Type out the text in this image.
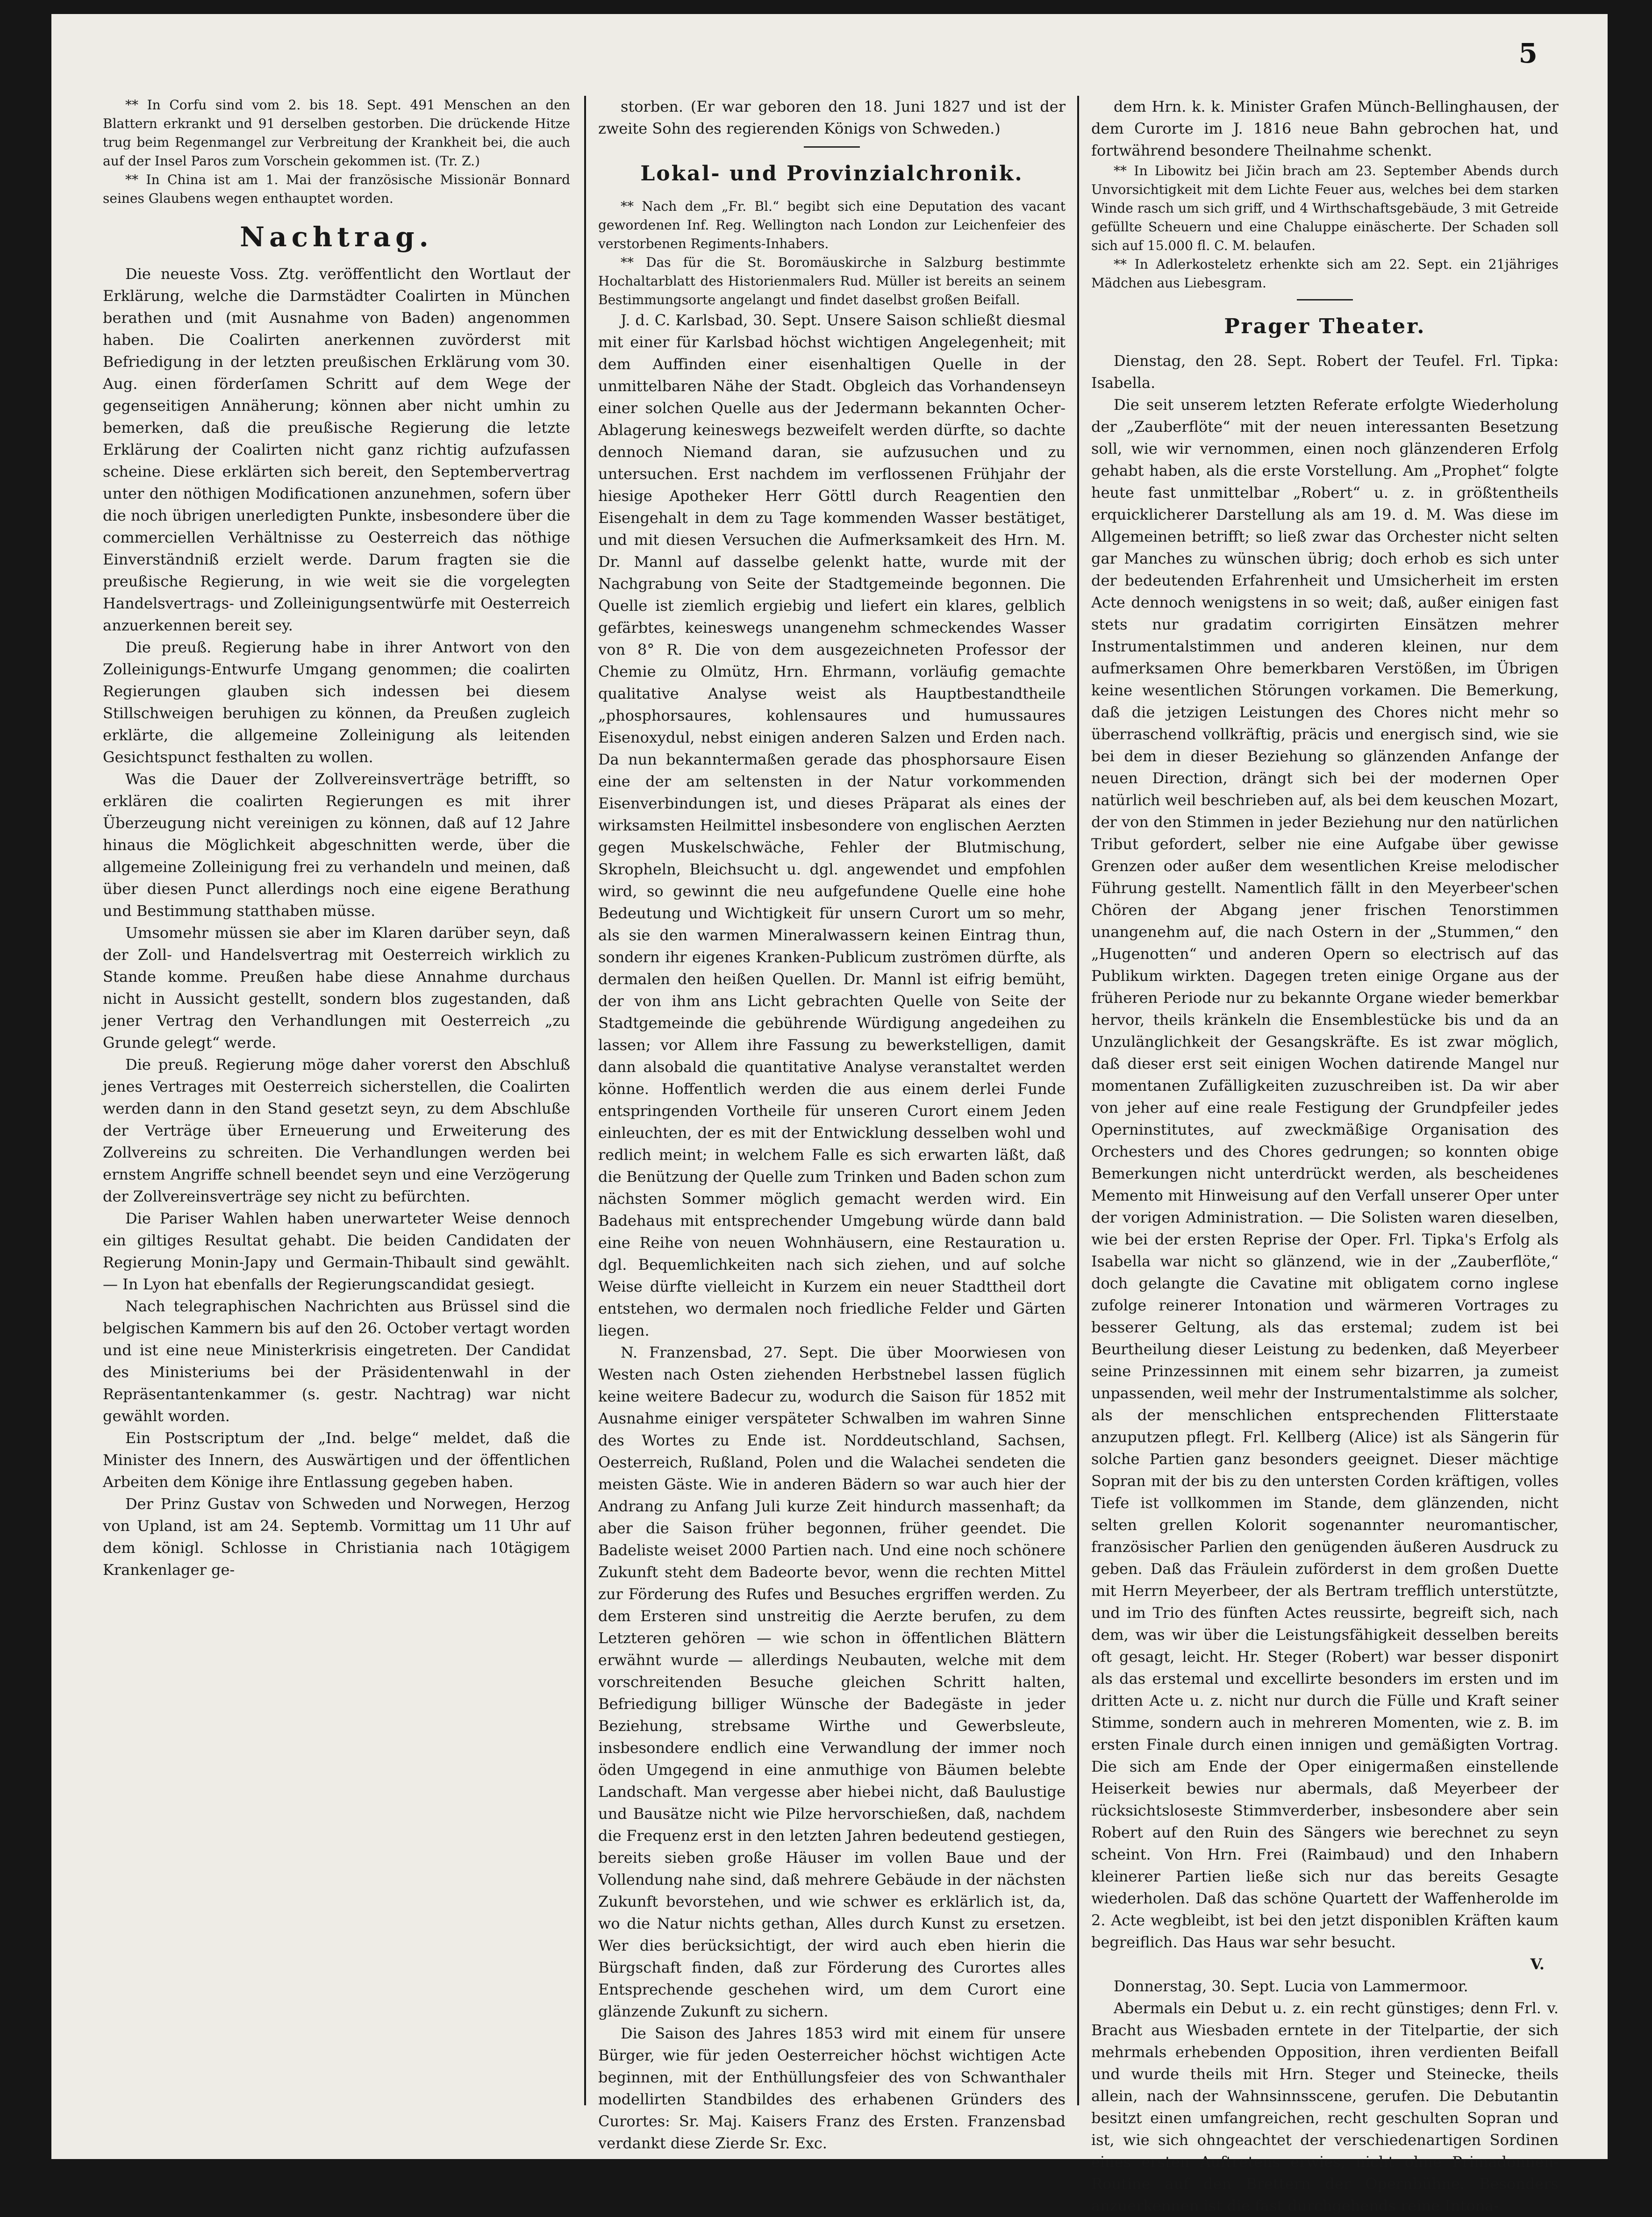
5

** In Corfu sind vom 2. bis 18. Sept. 491 Menschen an den Blattern erkrankt und 91 derselben gestorben. Die drückende Hitze trug beim Regenmangel zur Verbreitung der Krankheit bei, die auch auf der Insel Paros zum Vorschein gekommen ist. (Tr. Z.)

** In China ist am 1. Mai der französische Missionär Bonnard seines Glaubens wegen enthauptet worden.

Nachtrag.

Die neueste Voss. Ztg. veröffentlicht den Wortlaut der Erklärung, welche die Darmstädter Coalirten in München berathen und (mit Ausnahme von Baden) angenommen haben. Die Coalirten anerkennen zuvörderst mit Befriedigung in der letzten preußischen Erklärung vom 30. Aug. einen förderſamen Schritt auf dem Wege der gegenseitigen Annäherung; können aber nicht umhin zu bemerken, daß die preußische Regierung die letzte Erklärung der Coalirten nicht ganz richtig aufzufassen scheine. Diese erklärten sich bereit, den Septembervertrag unter den nöthigen Modificationen anzunehmen, sofern über die noch übrigen unerledigten Punkte, insbesondere über die commerciellen Verhältnisse zu Oesterreich das nöthige Einverständniß erzielt werde. Darum fragten sie die preußische Regierung, in wie weit sie die vorgelegten Handelsvertrags- und Zolleinigungsentwürfe mit Oesterreich anzuerkennen bereit sey.

Die preuß. Regierung habe in ihrer Antwort von den Zolleinigungs-Entwurfe Umgang genommen; die coalirten Regierungen glauben sich indessen bei diesem Stillschweigen beruhigen zu können, da Preußen zugleich erklärte, die allgemeine Zolleinigung als leitenden Gesichtspunct festhalten zu wollen.

Was die Dauer der Zollvereinsverträge betrifft, so erklären die coalirten Regierungen es mit ihrer Überzeugung nicht vereinigen zu können, daß auf 12 Jahre hinaus die Möglichkeit abgeschnitten werde, über die allgemeine Zolleinigung frei zu verhandeln und meinen, daß über diesen Punct allerdings noch eine eigene Berathung und Bestimmung statthaben müsse.

Umsomehr müssen sie aber im Klaren darüber seyn, daß der Zoll- und Handelsvertrag mit Oesterreich wirklich zu Stande komme. Preußen habe diese Annahme durchaus nicht in Aussicht gestellt, sondern blos zugestanden, daß jener Vertrag den Verhandlungen mit Oesterreich „zu Grunde gelegt“ werde.

Die preuß. Regierung möge daher vorerst den Abschluß jenes Vertrages mit Oesterreich sicherstellen, die Coalirten werden dann in den Stand gesetzt seyn, zu dem Abschluße der Verträge über Erneuerung und Erweiterung des Zollvereins zu schreiten. Die Verhandlungen werden bei ernstem Angriffe schnell beendet seyn und eine Verzögerung der Zollvereinsverträge sey nicht zu befürchten.

Die Pariser Wahlen haben unerwarteter Weise dennoch ein giltiges Resultat gehabt. Die beiden Candidaten der Regierung Monin-Japy und Germain-Thibault sind gewählt. — In Lyon hat ebenfalls der Regierungscandidat gesiegt.

Nach telegraphischen Nachrichten aus Brüssel sind die belgischen Kammern bis auf den 26. October vertagt worden und ist eine neue Ministerkrisis eingetreten. Der Candidat des Ministeriums bei der Präsidentenwahl in der Repräsentantenkammer (s. gestr. Nachtrag) war nicht gewählt worden.

Ein Postscriptum der „Ind. belge“ meldet, daß die Minister des Innern, des Auswärtigen und der öffentlichen Arbeiten dem Könige ihre Entlassung gegeben haben.

Der Prinz Gustav von Schweden und Norwegen, Herzog von Upland, ist am 24. Septemb. Vormittag um 11 Uhr auf dem königl. Schlosse in Christiania nach 10tägigem Krankenlager ge-

storben. (Er war geboren den 18. Juni 1827 und ist der zweite Sohn des regierenden Königs von Schweden.)

Lokal- und Provinzialchronik.

** Nach dem „Fr. Bl.“ begibt sich eine Deputation des vacant gewordenen Inf. Reg. Wellington nach London zur Leichenfeier des verstorbenen Regiments-Inhabers.

** Das für die St. Boromäuskirche in Salzburg bestimmte Hochaltarblatt des Historienmalers Rud. Müller ist bereits an seinem Bestimmungsorte angelangt und findet daselbst großen Beifall.

J. d. C. Karlsbad, 30. Sept. Unsere Saison schließt diesmal mit einer für Karlsbad höchst wichtigen Angelegenheit; mit dem Auffinden einer eisenhaltigen Quelle in der unmittelbaren Nähe der Stadt. Obgleich das Vorhandenseyn einer solchen Quelle aus der Jedermann bekannten Ocher-Ablagerung keineswegs bezweifelt werden dürfte, so dachte dennoch Niemand daran, sie aufzusuchen und zu untersuchen. Erst nachdem im verflossenen Frühjahr der hiesige Apotheker Herr Göttl durch Reagentien den Eisengehalt in dem zu Tage kommenden Wasser bestätiget, und mit diesen Versuchen die Aufmerksamkeit des Hrn. M. Dr. Mannl auf dasselbe gelenkt hatte, wurde mit der Nachgrabung von Seite der Stadtgemeinde begonnen. Die Quelle ist ziemlich ergiebig und liefert ein klares, gelblich gefärbtes, keineswegs unangenehm schmeckendes Wasser von 8° R. Die von dem ausgezeichneten Professor der Chemie zu Olmütz, Hrn. Ehrmann, vorläufig gemachte qualitative Analyse weist als Hauptbestandtheile „phosphorsaures, kohlensaures und humussaures Eisenoxydul, nebst einigen anderen Salzen und Erden nach. Da nun bekanntermaßen gerade das phosphorsaure Eisen eine der am seltensten in der Natur vorkommenden Eisenverbindungen ist, und dieses Präparat als eines der wirksamsten Heilmittel insbesondere von englischen Aerzten gegen Muskelschwäche, Fehler der Blutmischung, Skropheln, Bleichsucht u. dgl. angewendet und empfohlen wird, so gewinnt die neu aufgefundene Quelle eine hohe Bedeutung und Wichtigkeit für unsern Curort um so mehr, als sie den warmen Mineralwassern keinen Eintrag thun, sondern ihr eigenes Kranken-Publicum zuströmen dürfte, als dermalen den heißen Quellen. Dr. Mannl ist eifrig bemüht, der von ihm ans Licht gebrachten Quelle von Seite der Stadtgemeinde die gebührende Würdigung angedeihen zu lassen; vor Allem ihre Fassung zu bewerkstelligen, damit dann alsobald die quantitative Analyse veranstaltet werden könne. Hoffentlich werden die aus einem derlei Funde entspringenden Vortheile für unseren Curort einem Jeden einleuchten, der es mit der Entwicklung desselben wohl und redlich meint; in welchem Falle es sich erwarten läßt, daß die Benützung der Quelle zum Trinken und Baden schon zum nächsten Sommer möglich gemacht werden wird. Ein Badehaus mit entsprechender Umgebung würde dann bald eine Reihe von neuen Wohnhäusern, eine Restauration u. dgl. Bequemlichkeiten nach sich ziehen, und auf solche Weise dürfte vielleicht in Kurzem ein neuer Stadttheil dort entstehen, wo dermalen noch friedliche Felder und Gärten liegen.

N. Franzensbad, 27. Sept. Die über Moorwiesen von Westen nach Osten ziehenden Herbstnebel lassen füglich keine weitere Badecur zu, wodurch die Saison für 1852 mit Ausnahme einiger verspäteter Schwalben im wahren Sinne des Wortes zu Ende ist. Norddeutschland, Sachsen, Oesterreich, Rußland, Polen und die Walachei sendeten die meisten Gäste. Wie in anderen Bädern so war auch hier der Andrang zu Anfang Juli kurze Zeit hindurch massenhaft; da aber die Saison früher begonnen, früher geendet. Die Badeliste weiset 2000 Partien nach. Und eine noch schönere Zukunft steht dem Badeorte bevor, wenn die rechten Mittel zur Förderung des Rufes und Besuches ergriffen werden. Zu dem Ersteren sind unstreitig die Aerzte berufen, zu dem Letzteren gehören — wie schon in öffentlichen Blättern erwähnt wurde — allerdings Neubauten, welche mit dem vorschreitenden Besuche gleichen Schritt halten, Befriedigung billiger Wünsche der Badegäste in jeder Beziehung, strebsame Wirthe und Gewerbsleute, insbesondere endlich eine Verwandlung der immer noch öden Umgegend in eine anmuthige von Bäumen belebte Landschaft. Man vergesse aber hiebei nicht, daß Baulustige und Bausätze nicht wie Pilze hervorschießen, daß, nachdem die Frequenz erst in den letzten Jahren bedeutend gestiegen, bereits sieben große Häuser im vollen Baue und der Vollendung nahe sind, daß mehrere Gebäude in der nächsten Zukunft bevorstehen, und wie schwer es erklärlich ist, da, wo die Natur nichts gethan, Alles durch Kunst zu ersetzen. Wer dies berücksichtigt, der wird auch eben hierin die Bürgschaft finden, daß zur Förderung des Curortes alles Entsprechende geschehen wird, um dem Curort eine glänzende Zukunft zu sichern.

Die Saison des Jahres 1853 wird mit einem für unsere Bürger, wie für jeden Oesterreicher höchst wichtigen Acte beginnen, mit der Enthüllungsfeier des von Schwanthaler modellirten Standbildes des erhabenen Gründers des Curortes: Sr. Maj. Kaisers Franz des Ersten. Franzensbad verdankt diese Zierde Sr. Exc.

dem Hrn. k. k. Minister Grafen Münch-Bellinghausen, der dem Curorte im J. 1816 neue Bahn gebrochen hat, und fortwährend besondere Theilnahme schenkt.

** In Libowitz bei Jičin brach am 23. September Abends durch Unvorsichtigkeit mit dem Lichte Feuer aus, welches bei dem starken Winde rasch um sich griff, und 4 Wirthschaftsgebäude, 3 mit Getreide gefüllte Scheuern und eine Chaluppe einäscherte. Der Schaden soll sich auf 15.000 fl. C. M. belaufen.

** In Adlerkosteletz erhenkte sich am 22. Sept. ein 21jähriges Mädchen aus Liebesgram.

Prager Theater.

Dienstag, den 28. Sept. Robert der Teufel. Frl. Tipka: Isabella.

Die seit unserem letzten Referate erfolgte Wiederholung der „Zauberflöte“ mit der neuen interessanten Besetzung soll, wie wir vernommen, einen noch glänzenderen Erfolg gehabt haben, als die erste Vorstellung. Am „Prophet“ folgte heute fast unmittelbar „Robert“ u. z. in größtentheils erquicklicherer Darstellung als am 19. d. M. Was diese im Allgemeinen betrifft; so ließ zwar das Orchester nicht selten gar Manches zu wünschen übrig; doch erhob es sich unter der bedeutenden Erfahrenheit und Umsicherheit im ersten Acte dennoch wenigstens in so weit; daß, außer einigen fast stets nur gradatim corrigirten Einsätzen mehrer Instrumentalstimmen und anderen kleinen, nur dem aufmerksamen Ohre bemerkbaren Verstößen, im Übrigen keine wesentlichen Störungen vorkamen. Die Bemerkung, daß die jetzigen Leistungen des Chores nicht mehr so überraschend vollkräftig, präcis und energisch sind, wie sie bei dem in dieser Beziehung so glänzenden Anfange der neuen Direction, drängt sich bei der modernen Oper natürlich weil beschrieben auf, als bei dem keuschen Mozart, der von den Stimmen in jeder Beziehung nur den natürlichen Tribut gefordert, selber nie eine Aufgabe über gewisse Grenzen oder außer dem wesentlichen Kreise melodischer Führung gestellt. Namentlich fällt in den Meyerbeer'schen Chören der Abgang jener frischen Tenorstimmen unangenehm auf, die nach Ostern in der „Stummen,“ den „Hugenotten“ und anderen Opern so electrisch auf das Publikum wirkten. Dagegen treten einige Organe aus der früheren Periode nur zu bekannte Organe wieder bemerkbar hervor, theils kränkeln die Ensemblestücke bis und da an Unzulänglichkeit der Gesangskräfte. Es ist zwar möglich, daß dieser erst seit einigen Wochen datirende Mangel nur momentanen Zufälligkeiten zuzuschreiben ist. Da wir aber von jeher auf eine reale Festigung der Grundpfeiler jedes Operninstitutes, auf zweckmäßige Organisation des Orchesters und des Chores gedrungen; so konnten obige Bemerkungen nicht unterdrückt werden, als bescheidenes Memento mit Hinweisung auf den Verfall unserer Oper unter der vorigen Administration. — Die Solisten waren dieselben, wie bei der ersten Reprise der Oper. Frl. Tipka's Erfolg als Isabella war nicht so glänzend, wie in der „Zauberflöte,“ doch gelangte die Cavatine mit obligatem corno inglese zufolge reinerer Intonation und wärmeren Vortrages zu besserer Geltung, als das erstemal; zudem ist bei Beurtheilung dieser Leistung zu bedenken, daß Meyerbeer seine Prinzessinnen mit einem sehr bizarren, ja zumeist unpassenden, weil mehr der Instrumentalstimme als solcher, als der menschlichen entsprechenden Flitterstaate anzuputzen pflegt. Frl. Kellberg (Alice) ist als Sängerin für solche Partien ganz besonders geeignet. Dieser mächtige Sopran mit der bis zu den untersten Corden kräftigen, volles Tiefe ist vollkommen im Stande, dem glänzenden, nicht selten grellen Kolorit sogenannter neuromantischer, französischer Parlien den genügenden äußeren Ausdruck zu geben. Daß das Fräulein zuförderst in dem großen Duette mit Herrn Meyerbeer, der als Bertram trefflich unterstützte, und im Trio des fünften Actes reussirte, begreift sich, nach dem, was wir über die Leistungsfähigkeit desselben bereits oft gesagt, leicht. Hr. Steger (Robert) war besser disponirt als das erstemal und excellirte besonders im ersten und im dritten Acte u. z. nicht nur durch die Fülle und Kraft seiner Stimme, sondern auch in mehreren Momenten, wie z. B. im ersten Finale durch einen innigen und gemäßigten Vortrag. Die sich am Ende der Oper einigermaßen einstellende Heiserkeit bewies nur abermals, daß Meyerbeer der rücksichtsloseste Stimmverderber, insbesondere aber sein Robert auf den Ruin des Sängers wie berechnet zu seyn scheint. Von Hrn. Frei (Raimbaud) und den Inhabern kleinerer Partien ließe sich nur das bereits Gesagte wiederholen. Daß das schöne Quartett der Waffenherolde im 2. Acte wegbleibt, ist bei den jetzt disponiblen Kräften kaum begreiflich. Das Haus war sehr besucht.

V.

Donnerstag, 30. Sept. Lucia von Lammermoor.

Abermals ein Debut u. z. ein recht günstiges; denn Frl. v. Bracht aus Wiesbaden erntete in der Titelpartie, der sich mehrmals erhebenden Opposition, ihren verdienten Beifall und wurde theils mit Hrn. Steger und Steinecke, theils allein, nach der Wahnsinnsscene, gerufen. Die Debutantin besitzt einen umfangreichen, recht geschulten Sopran und ist, wie sich ohngeachtet der verschiedenartigen Sordinen eines ersten Auftretens erwies, nicht ohne Primadonnen-Routine auf den Brettern der Opernbühne. Besonders anzuerkennen ist die fast durchgehends reine Intona-
